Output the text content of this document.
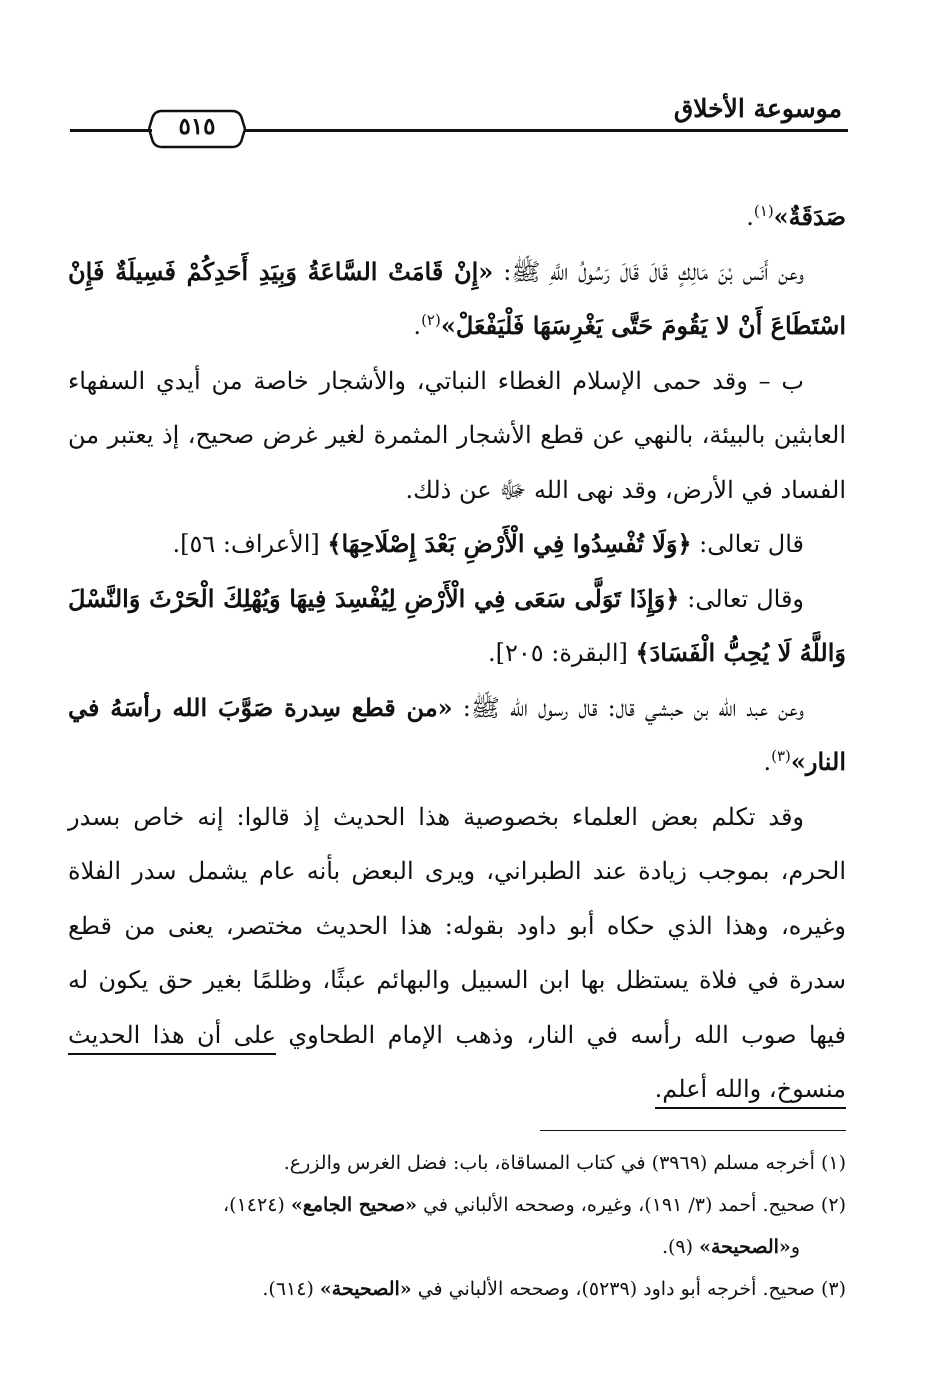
موسوعة الأخلاق
٥١٥

صَدَقَةٌ»$^{(١)}$.

وعن أَنَس بْنَ مَالِكٍ قَالَ قَالَ رَسُولُ اللَّهِ ﷺ: «إِنْ قَامَتْ السَّاعَةُ وَبِيَدِ أَحَدِكُمْ فَسِيلَةٌ فَإِنْ اسْتَطَاعَ أَنْ لا يَقُومَ حَتَّى يَغْرِسَهَا فَلْيَفْعَلْ»$^{(٢)}$.

ب – وقد حمى الإسلام الغطاء النباتي، والأشجار خاصة من أيدي السفهاء العابثين بالبيئة، بالنهي عن قطع الأشجار المثمرة لغير غرض صحيح، إذ يعتبر من الفساد في الأرض، وقد نهى الله ﷻ عن ذلك.

قال تعالى: ﴿وَلَا تُفْسِدُوا فِي الْأَرْضِ بَعْدَ إِصْلَاحِهَا﴾ [الأعراف: ٥٦].

وقال تعالى: ﴿وَإِذَا تَوَلَّى سَعَى فِي الْأَرْضِ لِيُفْسِدَ فِيهَا وَيُهْلِكَ الْحَرْثَ وَالنَّسْلَ وَاللَّهُ لَا يُحِبُّ الْفَسَادَ﴾ [البقرة: ٢٠٥].

وعن عبد الله بن حبشي قال: قال رسول الله ﷺ: «من قطع سِدرة صَوَّبَ الله رأسَهُ في النار»$^{(٣)}$.

وقد تكلم بعض العلماء بخصوصية هذا الحديث إذ قالوا: إنه خاص بسدر الحرم، بموجب زيادة عند الطبراني، ويرى البعض بأنه عام يشمل سدر الفلاة وغيره، وهذا الذي حكاه أبو داود بقوله: هذا الحديث مختصر، يعنى من قطع سدرة في فلاة يستظل بها ابن السبيل والبهائم عبثًا، وظلمًا بغير حق يكون له فيها صوب الله رأسه في النار، وذهب الإمام الطحاوي على أن هذا الحديث منسوخ، والله أعلم.

(١) أخرجه مسلم (٣٩٦٩) في كتاب المساقاة، باب: فضل الغرس والزرع.

(٢) صحيح. أحمد (٣/ ١٩١)، وغيره، وصححه الألباني في «صحيح الجامع» (١٤٢٤)،

و«الصحيحة» (٩).

(٣) صحيح. أخرجه أبو داود (٥٢٣٩)، وصححه الألباني في «الصحيحة» (٦١٤).
